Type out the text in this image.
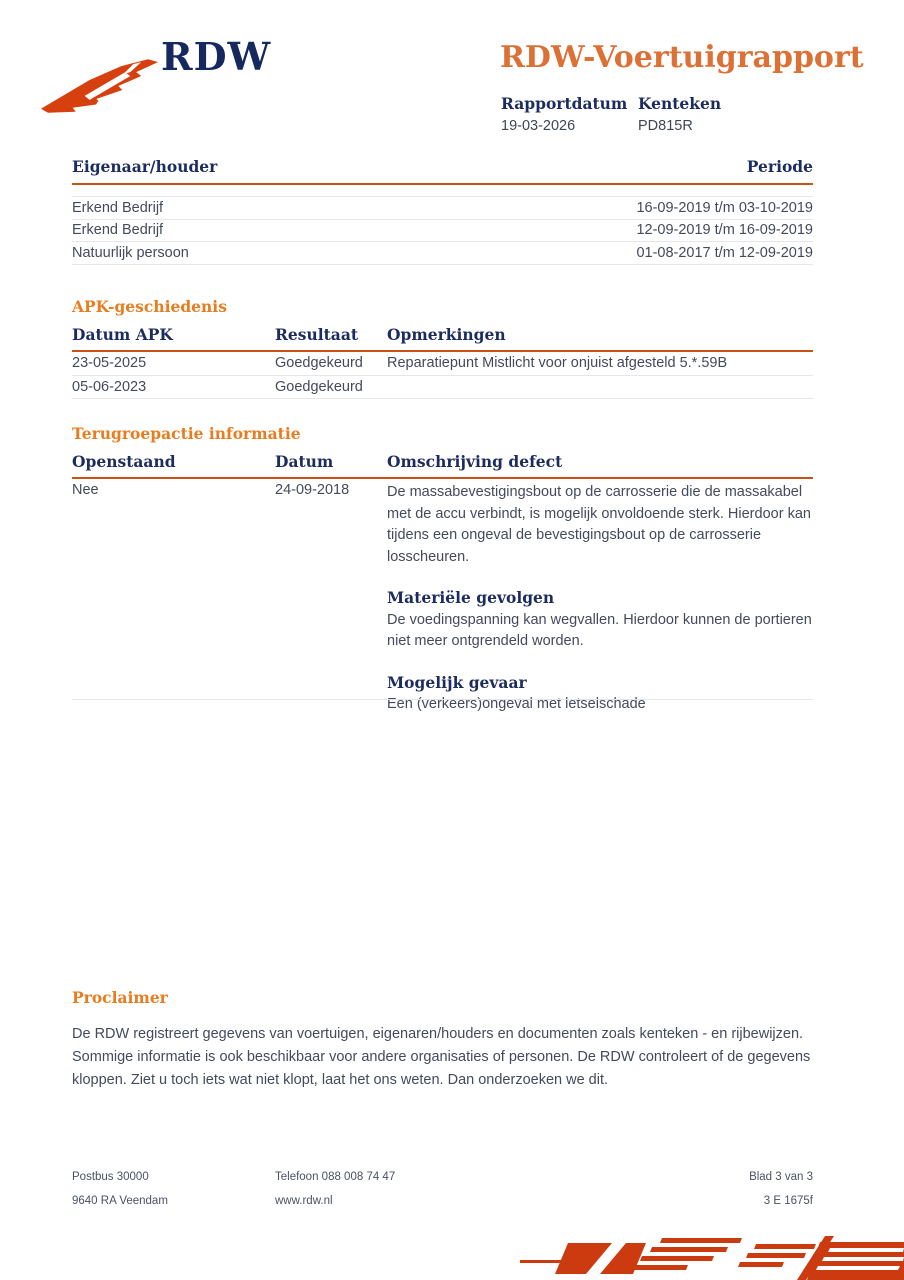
RDW	RDW-Voertuigrapport
Rapportdatum
19-03-2026
Kenteken
PD815R
Eigenaar/houder	Periode
Erkend Bedrijf	16-09-2019 t/m 03-10-2019
Erkend Bedrijf	12-09-2019 t/m 16-09-2019
Natuurlijk persoon	01-08-2017 t/m 12-09-2019
APK-geschiedenis
Datum APK	Resultaat	Opmerkingen
23-05-2025	Goedgekeurd	Reparatiepunt Mistlicht voor onjuist afgesteld 5.*.59B
05-06-2023	Goedgekeurd
Terugroepactie informatie
Openstaand	Datum	Omschrijving defect
Nee	24-09-2018	De massabevestigingsbout op de carrosserie die de massakabel met de accu verbindt, is mogelijk onvoldoende sterk. Hierdoor kan tijdens een ongeval de bevestigingsbout op de carrosserie losscheuren.
Materiële gevolgen
De voedingspanning kan wegvallen. Hierdoor kunnen de portieren niet meer ontgrendeld worden.
Mogelijk gevaar
Een (verkeers)ongeval met letselschade
Proclaimer

De RDW registreert gegevens van voertuigen, eigenaren/houders en documenten zoals kenteken - en rijbewijzen. Sommige informatie is ook beschikbaar voor andere organisaties of personen. De RDW controleert of de gegevens kloppen. Ziet u toch iets wat niet klopt, laat het ons weten. Dan onderzoeken we dit.

Postbus 30000	Telefoon 088 008 74 47	Blad 3 van 3
9640 RA Veendam	www.rdw.nl	3 E 1675f
